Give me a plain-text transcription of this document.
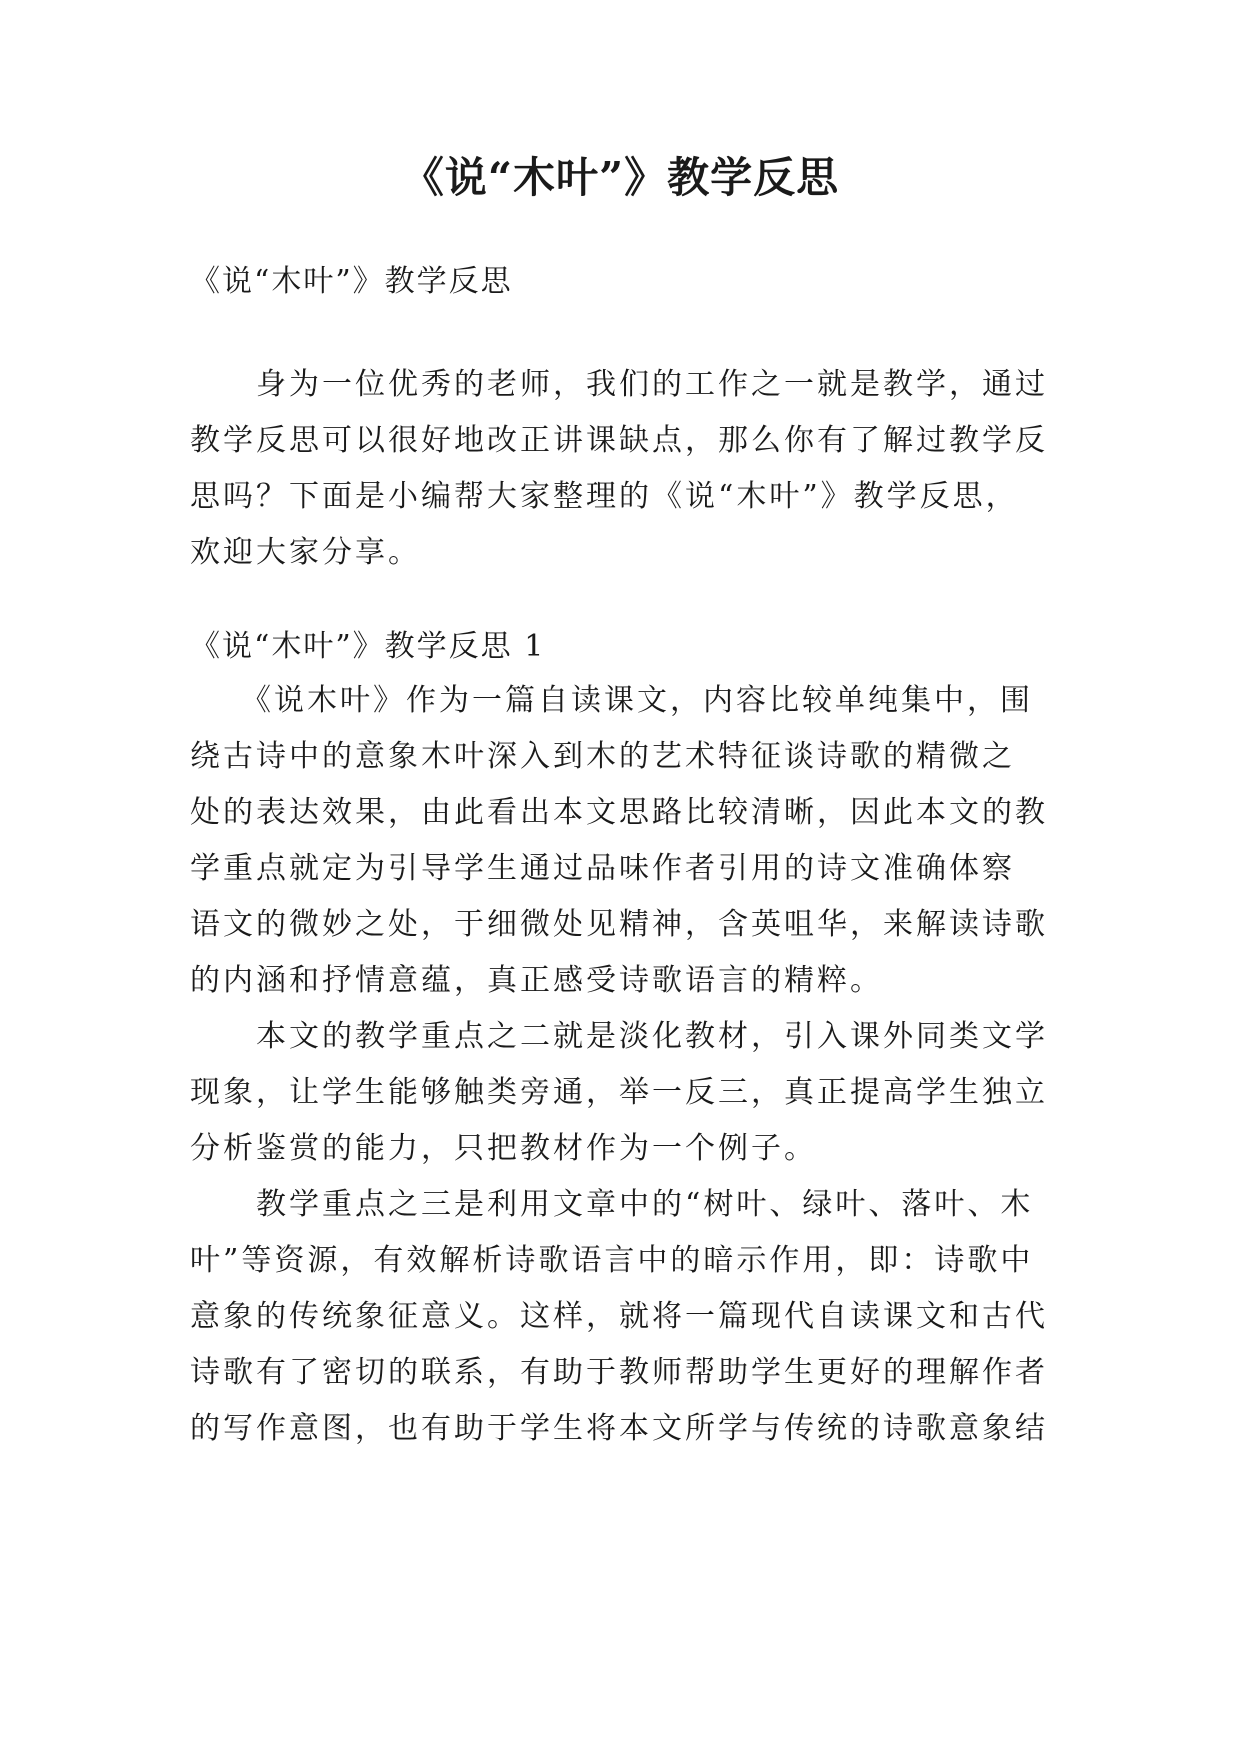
《说“木叶”》教学反思
《说“木叶”》教学反思
　　身为一位优秀的老师，我们的工作之一就是教学，通过
教学反思可以很好地改正讲课缺点，那么你有了解过教学反
思吗？下面是小编帮大家整理的《说“木叶”》教学反思，
欢迎大家分享。
《说“木叶”》教学反思 1
　　《说木叶》作为一篇自读课文，内容比较单纯集中，围
绕古诗中的意象木叶深入到木的艺术特征谈诗歌的精微之
处的表达效果，由此看出本文思路比较清晰，因此本文的教
学重点就定为引导学生通过品味作者引用的诗文准确体察
语文的微妙之处，于细微处见精神，含英咀华，来解读诗歌
的内涵和抒情意蕴，真正感受诗歌语言的精粹。
　　本文的教学重点之二就是淡化教材，引入课外同类文学
现象，让学生能够触类旁通，举一反三，真正提高学生独立
分析鉴赏的能力，只把教材作为一个例子。
　　教学重点之三是利用文章中的“树叶、绿叶、落叶、木
叶”等资源，有效解析诗歌语言中的暗示作用，即：诗歌中
意象的传统象征意义。这样，就将一篇现代自读课文和古代
诗歌有了密切的联系，有助于教师帮助学生更好的理解作者
的写作意图，也有助于学生将本文所学与传统的诗歌意象结
